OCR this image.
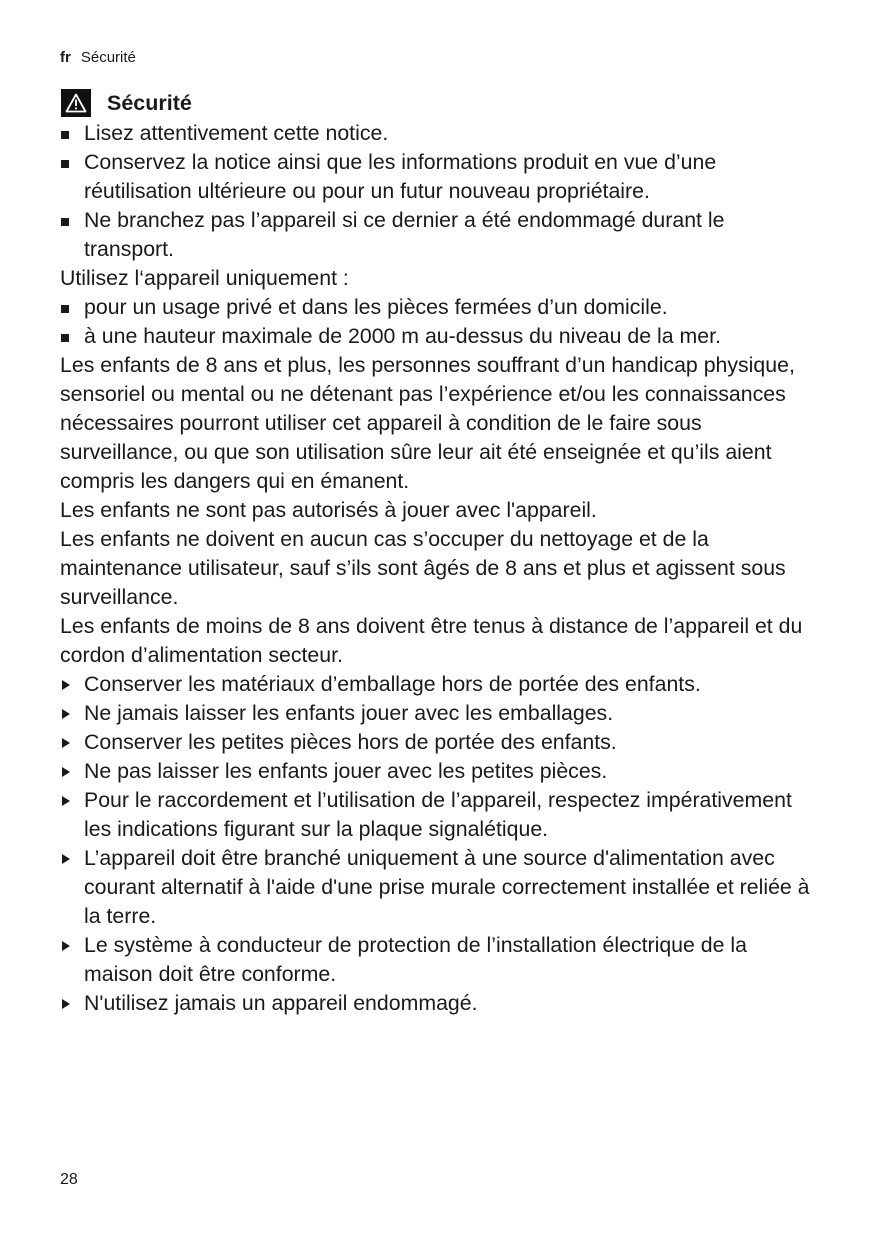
fr Sécurité
Sécurité
Lisez attentivement cette notice.
Conservez la notice ainsi que les informations produit en vue d’une réutilisation ultérieure ou pour un futur nouveau propriétaire.
Ne branchez pas l’appareil si ce dernier a été endommagé durant le transport.

Utilisez l‘appareil uniquement :

pour un usage privé et dans les pièces fermées d’un domicile.
à une hauteur maximale de 2000 m au-dessus du niveau de la mer.

Les enfants de 8 ans et plus, les personnes souffrant d’un handicap physique, sensoriel ou mental ou ne détenant pas l’expérience et/ou les connaissances nécessaires pourront utiliser cet appareil à condition de le faire sous surveillance, ou que son utilisation sûre leur ait été enseignée et qu’ils aient compris les dangers qui en émanent.

Les enfants ne sont pas autorisés à jouer avec l'appareil.

Les enfants ne doivent en aucun cas s’occuper du nettoyage et de la maintenance utilisateur, sauf s’ils sont âgés de 8 ans et plus et agissent sous surveillance.

Les enfants de moins de 8 ans doivent être tenus à distance de l’appareil et du cordon d’alimentation secteur.

Conserver les matériaux d’emballage hors de portée des enfants.
Ne jamais laisser les enfants jouer avec les emballages.
Conserver les petites pièces hors de portée des enfants.
Ne pas laisser les enfants jouer avec les petites pièces.
Pour le raccordement et l’utilisation de l’appareil, respectez impérativement les indications figurant sur la plaque signalétique.
L’appareil doit être branché uniquement à une source d'alimentation avec courant alternatif à l'aide d'une prise murale correctement installée et reliée à la terre.
Le système à conducteur de protection de l’installation électrique de la maison doit être conforme.
N'utilisez jamais un appareil endommagé.
28
